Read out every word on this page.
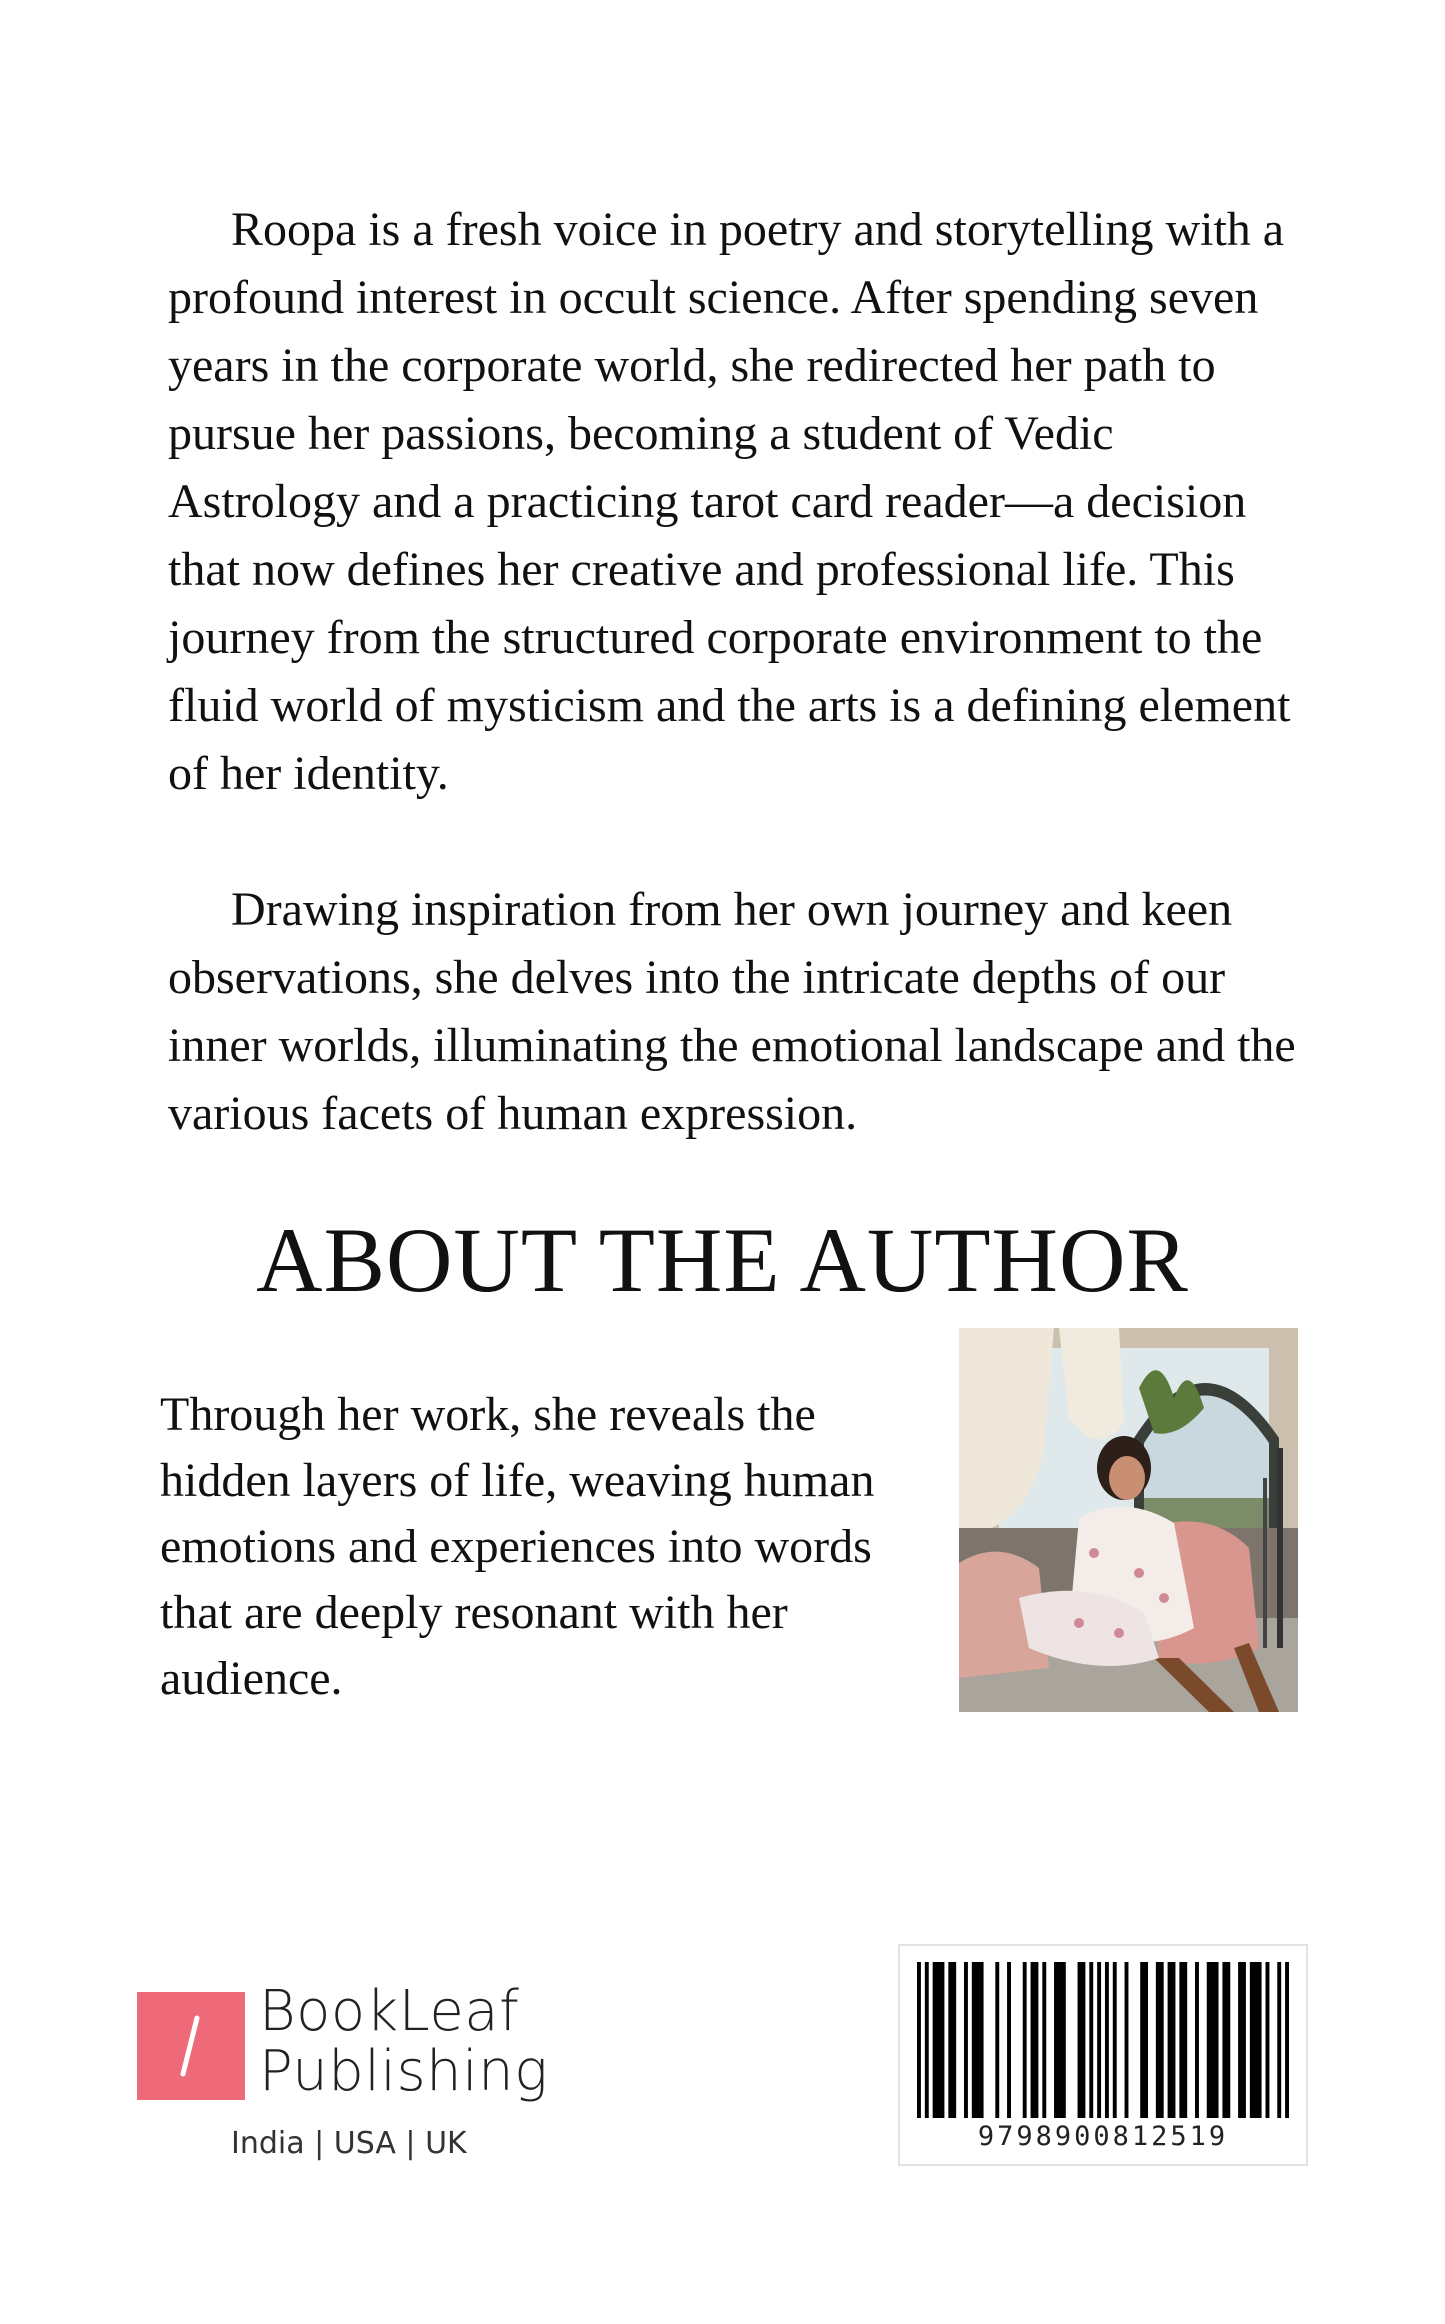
Roopa is a fresh voice in poetry and storytelling with a profound interest in occult science. After spending seven years in the corporate world, she redirected her path to pursue her passions, becoming a student of Vedic Astrology and a practicing tarot card reader—a decision that now defines her creative and professional life. This journey from the structured corporate environment to the fluid world of mysticism and the arts is a defining element of her identity.

Drawing inspiration from her own journey and keen observations, she delves into the intricate depths of our inner worlds, illuminating the emotional landscape and the various facets of human expression.

ABOUT THE AUTHOR

Through her work, she reveals the hidden layers of life, weaving human emotions and experiences into words that are deeply resonant with her audience.

BookLeaf
Publishing
India | USA | UK	9798900812519
